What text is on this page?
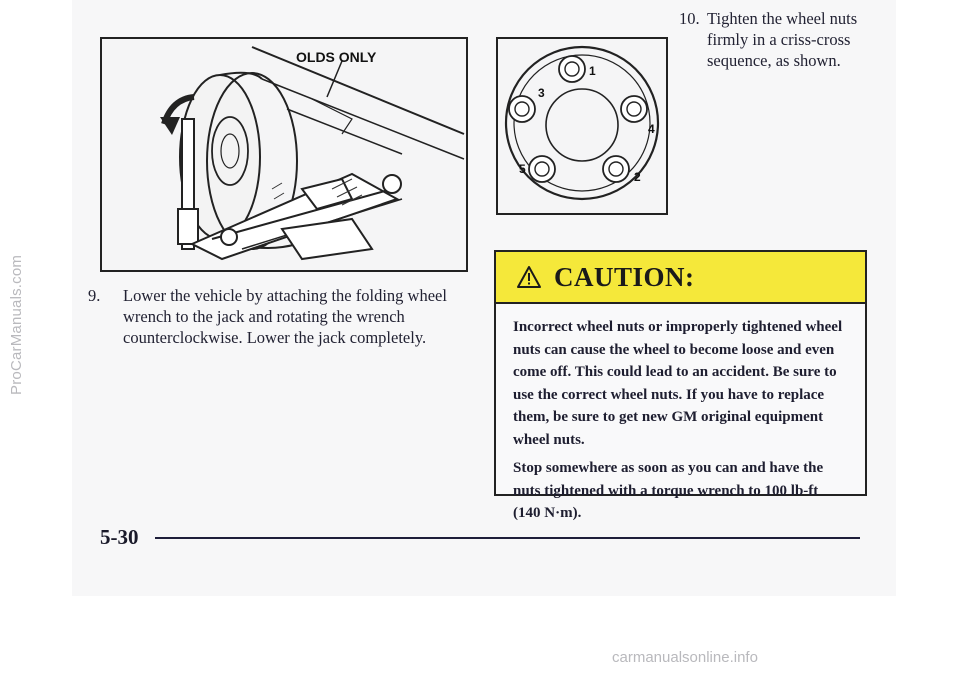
ProCarManuals.com
OLDS ONLY
1
2
3
4
5
9. Lower the vehicle by attaching the folding wheel wrench to the jack and rotating the wrench counterclockwise. Lower the jack completely.
10. Tighten the wheel nuts firmly in a criss-cross sequence, as shown.
CAUTION:

Incorrect wheel nuts or improperly tightened wheel nuts can cause the wheel to become loose and even come off. This could lead to an accident. Be sure to use the correct wheel nuts. If you have to replace them, be sure to get new GM original equipment wheel nuts.

Stop somewhere as soon as you can and have the nuts tightened with a torque wrench to 100 lb-ft (140 N·m).

5-30
carmanualsonline.info
